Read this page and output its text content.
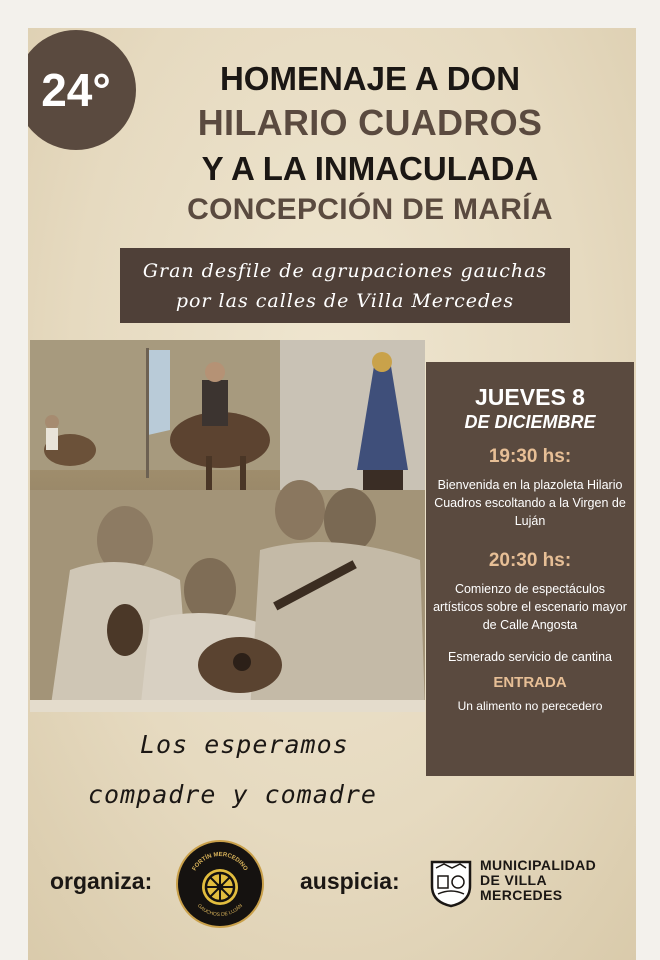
24°	HOMENAJE A DON
HILARIO CUADROS
Y A LA INMACULADA
CONCEPCIÓN DE MARÍA
Gran desfile de agrupaciones gauchas
por las calles de Villa Mercedes
JUEVES 8
DE DICIEMBRE
19:30 hs:
Bienvenida en la plazoleta Hilario Cuadros escoltando a la Virgen de Luján
20:30 hs:
Comienzo de espectáculos artísticos sobre el escenario mayor de Calle Angosta
Esmerado servicio de cantina
ENTRADA
Un alimento no perecedero
Los esperamos
compadre y comadre
organiza:	FORTÍN MERCEDINO
GAUCHOS DE LUJÁN
auspicia:
MUNICIPALIDAD
DE VILLA
MERCEDES
